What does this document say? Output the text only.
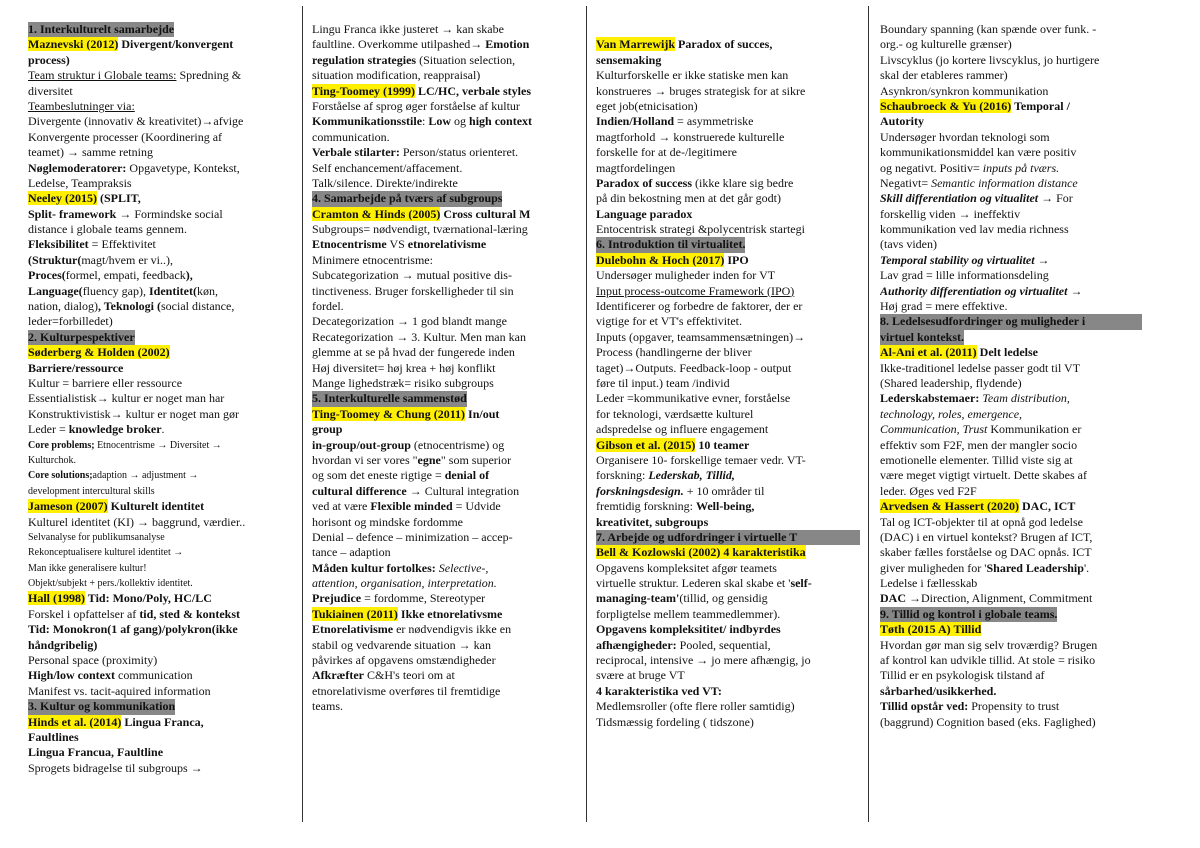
• 1. Interkulturelt samarbejde
Maznevski (2012) Divergent/konvergent
process)
Team struktur i Globale teams: Spredning &
diversitet
Teambeslutninger via:
Divergente (innovativ & kreativitet)→afvige
Konvergente processer (Koordinering af
teamet) → samme retning
Nøglemoderatorer: Opgavetype, Kontekst,
Ledelse, Teampraksis
Neeley (2015) (SPLIT,
Split- framework → Formindske social
distance i globale teams gennem.
Fleksibilitet = Effektivitet
(Struktur(magt/hvem er vi..),
Proces(formel, empati, feedback),
Language(fluency gap), Identitet(køn,
nation, dialog), Teknologi (social distance,
leder=forbilledet)
• 2. Kulturpespektiver
Søderberg & Holden (2002)
Barriere/ressource
Kultur = barriere eller ressource
Essentialistisk→ kultur er noget man har
Konstruktivistisk→ kultur er noget man gør
Leder = knowledge broker.
Core problems; Etnocentrisme → Diversitet →
Kulturchok.
Core solutions;adaption → adjustment →
development intercultural skills
Jameson (2007) Kulturelt identitet
Kulturel identitet (KI) → baggrund, værdier..
Selvanalyse for publikumsanalyse
Rekonceptualisere kulturel identitet →
Man ikke generalisere kultur!
Objekt/subjekt + pers./kollektiv identitet.
Hall (1998) Tid: Mono/Poly, HC/LC
Forskel i opfattelser af tid, sted & kontekst
Tid: Monokron(1 af gang)/polykron(ikke
håndgribelig)
Personal space (proximity)
High/low context communication
Manifest vs. tacit-aquired information
• 3. Kultur og kommunikation
Hinds et al. (2014) Lingua Franca,
Faultlines
Lingua Francua, Faultline
Sprogets bidragelse til subgroups →
Lingu Franca ikke justeret → kan skabe
faultline. Overkomme utilpashed→ Emotion
regulation strategies (Situation selection,
situation modification, reappraisal)
Ting-Toomey (1999) LC/HC, verbale styles
Forståelse af sprog øger forståelse af kultur
Kommunikationsstile: Low og high context
communication.
Verbale stilarter: Person/status orienteret.
Self enchancement/affacement.
Talk/silence. Direkte/indirekte
4. Samarbejde på tværs af subgroups
Cramton & Hinds (2005) Cross cultural M
Subgroups= nødvendigt, tværnational-læring
Etnocentrisme VS etnorelativisme
Minimere etnocentrisme:
Subcategorization → mutual positive dis-
tinctiveness. Bruger forskelligheder til sin
fordel.
Decategorization → 1 god blandt mange
Recategorization → 3. Kultur. Men man kan
glemme at se på hvad der fungerede inden
Høj diversitet= høj krea + høj konflikt
Mange lighedstræk= risiko subgroups
5. Interkulturelle sammenstød
Ting-Toomey & Chung (2011) In/out
group
in-group/out-group (etnocentrisme) og
hvordan vi ser vores "egne" som superior
og som det eneste rigtige = denial of
cultural difference → Cultural integration
ved at være Flexible minded = Udvide
horisont og mindske fordomme
Denial – defence – minimization – accep-
tance – adaption
Måden kultur fortolkes: Selective-,
attention, organisation, interpretation.
Prejudice = fordomme, Stereotyper
Tukiainen (2011) Ikke etnorelativsme
Etnorelativisme er nødvendigvis ikke en
stabil og vedvarende situation → kan
påvirkes af opgavens omstændigheder
Afkræfter C&H's teori om at
etnorelativisme overføres til fremtidige
teams.
Van Marrewijk Paradox of succes,
sensemaking
Kulturforskelle er ikke statiske men kan
konstrueres → bruges strategisk for at sikre
eget job(etnicisation)
Indien/Holland = asymmetriske
magtforhold → konstruerede kulturelle
forskelle for at de-/legitimere
magtfordelingen
Paradox of success (ikke klare sig bedre
på din bekostning men at det går godt)
Language paradox
Entocentrisk strategi &polycentrisk startegi
6. Introduktion til virtualitet.
Dulebohn & Hoch (2017) IPO
Undersøger muligheder inden for VT
Input process-outcome Framework (IPO)
Identificerer og forbedre de faktorer, der er
vigtige for et VT's effektivitet.
Inputs (opgaver, teamsammensætningen)→
Process (handlingerne der bliver
taget)→Outputs. Feedback-loop - output
føre til input.) team /individ
Leder =kommunikative evner, forståelse
for teknologi, værdsætte kulturel
adspredelse og influere engagement
Gibson et al. (2015) 10 teamer
Organisere 10- forskellige temaer vedr. VT-
forskning: Lederskab, Tillid,
forskningsdesign. + 10 områder til
fremtidig forskning: Well-being,
kreativitet, subgroups
7. Arbejde og udfordringer i virtuelle T
Bell & Kozlowski (2002) 4 karakteristika
Opgavens kompleksitet afgør teamets
virtuelle struktur. Lederen skal skabe et 'self-
managing-team'(tillid, og gensidig
forpligtelse mellem teammedlemmer).
Opgavens kompleksititet/ indbyrdes
afhængigheder: Pooled, sequential,
reciprocal, intensive → jo mere afhængig, jo
svære at bruge VT
4 karakteristika ved VT:
Medlemsroller (ofte flere roller samtidig)
Tidsmæssig fordeling ( tidszone)
Boundary spanning (kan spænde over funk. -
org.- og kulturelle grænser)
Livscyklus (jo kortere livscyklus, jo hurtigere
skal der etableres rammer)
Asynkron/synkron kommunikation
Schaubroeck & Yu (2016) Temporal /
Autority
Undersøger hvordan teknologi som
kommunikationsmiddel kan være positiv
og negativt. Positiv= inputs på tværs.
Negativt= Semantic information distance
Skill differentiation og vitualitet → For
forskellig viden → ineffektiv
kommunikation ved lav media richness
(tavs viden)
Temporal stability og virtualitet →
Lav grad = lille informationsdeling
Authority differentiation og virtualitet →
Høj grad = mere effektive.
8. Ledelsesudfordringer og muligheder i
virtuel kontekst.
Al-Ani et al. (2011) Delt ledelse
Ikke-traditionel ledelse passer godt til VT
(Shared leadership, flydende)
Lederskabstemaer: Team distribution,
technology, roles, emergence,
Communication, Trust Kommunikation er
effektiv som F2F, men der mangler socio
emotionelle elementer. Tillid viste sig at
være meget vigtigt virtuelt. Dette skabes af
leder. Øges ved F2F
Arvedsen & Hassert (2020) DAC, ICT
Tal og ICT-objekter til at opnå god ledelse
(DAC) i en virtuel kontekst? Brugen af ICT,
skaber fælles forståelse og DAC opnås. ICT
giver muligheden for 'Shared Leadership'.
Ledelse i fællesskab
DAC →Direction, Alignment, Commitment
9. Tillid og kontrol i globale teams.
Tøth (2015 A) Tillid
Hvordan gør man sig selv troværdig? Brugen
af kontrol kan udvikle tillid. At stole = risiko
Tillid er en psykologisk tilstand af
sårbarhed/usikkerhed.
Tillid opstår ved: Propensity to trust
(baggrund) Cognition based (eks. Faglighed)
